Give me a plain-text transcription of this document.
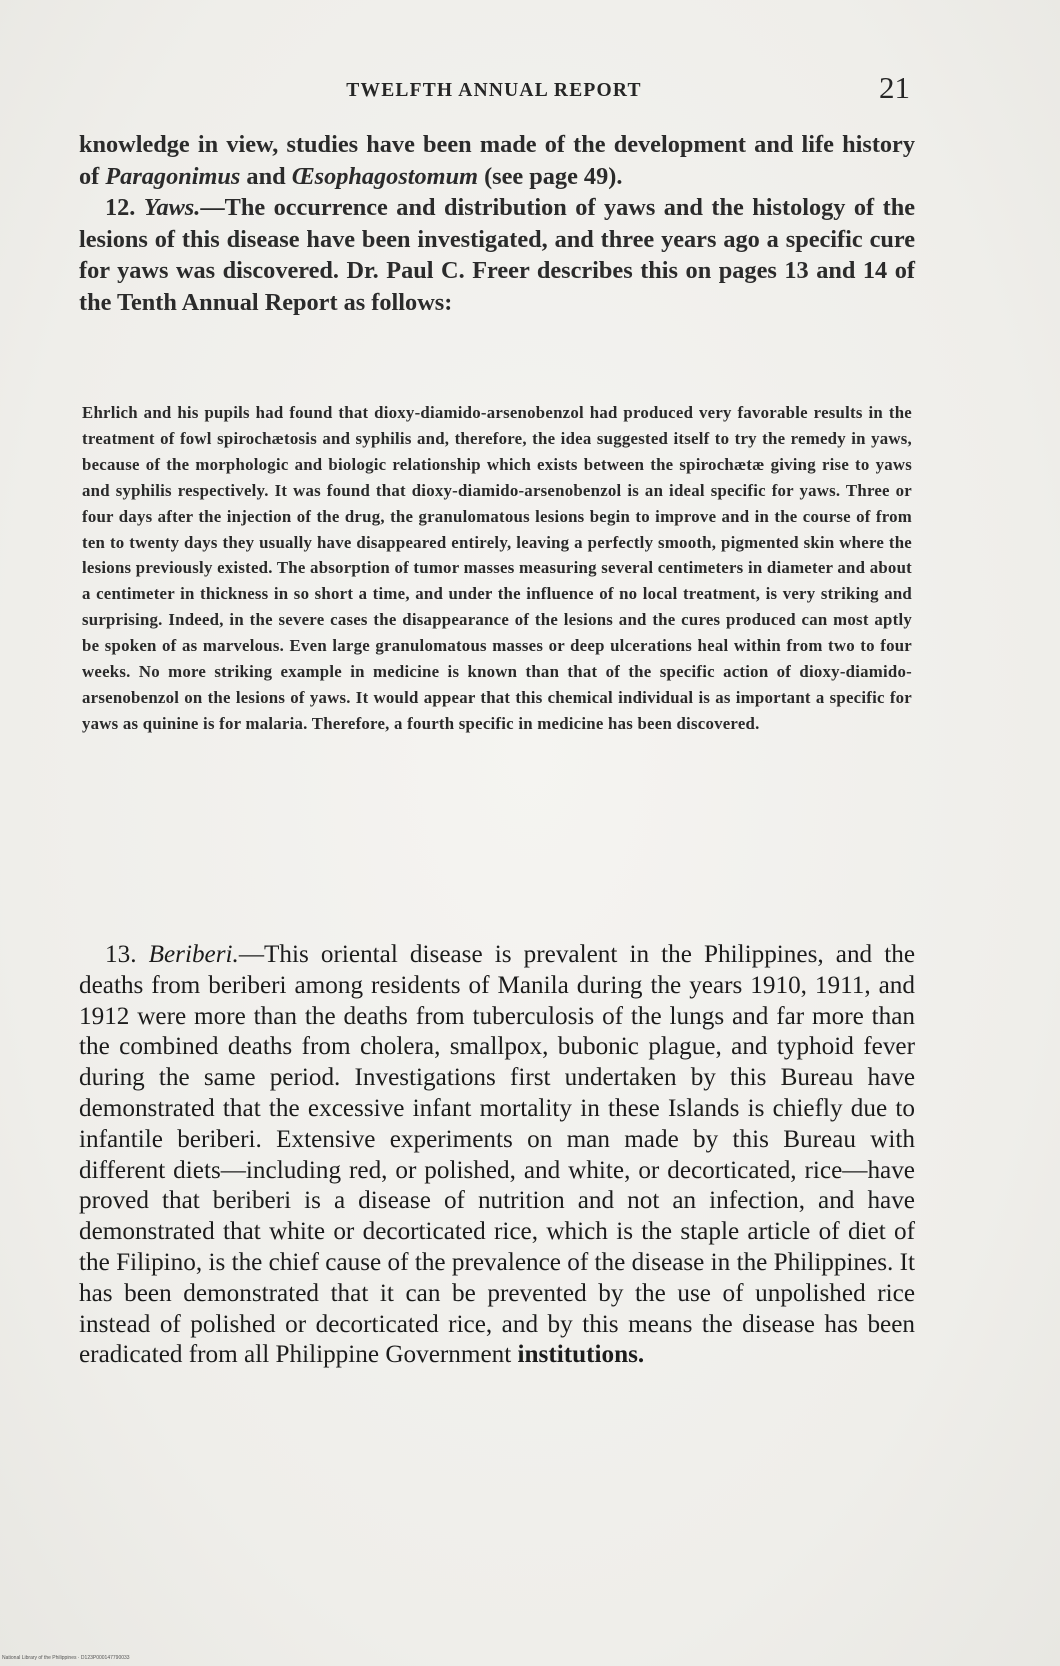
TWELFTH ANNUAL REPORT	21

knowledge in view, studies have been made of the development and life history of Paragonimus and Œsophagostomum (see page 49).

12. Yaws.—The occurrence and distribution of yaws and the histology of the lesions of this disease have been investigated, and three years ago a specific cure for yaws was discovered. Dr. Paul C. Freer describes this on pages 13 and 14 of the Tenth Annual Report as follows:

Ehrlich and his pupils had found that dioxy-diamido-arsenobenzol had produced very favorable results in the treatment of fowl spirochætosis and syphilis and, therefore, the idea suggested itself to try the remedy in yaws, because of the morphologic and biologic relationship which exists between the spirochætæ giving rise to yaws and syphilis respectively. It was found that dioxy-diamido-arsenobenzol is an ideal specific for yaws. Three or four days after the injection of the drug, the granulomatous lesions begin to improve and in the course of from ten to twenty days they usually have disappeared entirely, leaving a perfectly smooth, pigmented skin where the lesions previously existed. The absorption of tumor masses measuring several centimeters in diameter and about a centimeter in thickness in so short a time, and under the influence of no local treatment, is very striking and surprising. Indeed, in the severe cases the disappearance of the lesions and the cures produced can most aptly be spoken of as marvelous. Even large granulomatous masses or deep ulcerations heal within from two to four weeks. No more striking example in medicine is known than that of the specific action of dioxy-diamido-arsenobenzol on the lesions of yaws. It would appear that this chemical individual is as important a specific for yaws as quinine is for malaria. Therefore, a fourth specific in medicine has been discovered.

13. Beriberi.—This oriental disease is prevalent in the Philippines, and the deaths from beriberi among residents of Manila during the years 1910, 1911, and 1912 were more than the deaths from tuberculosis of the lungs and far more than the combined deaths from cholera, smallpox, bubonic plague, and typhoid fever during the same period. Investigations first undertaken by this Bureau have demonstrated that the excessive infant mortality in these Islands is chiefly due to infantile beriberi. Extensive experiments on man made by this Bureau with different diets—including red, or polished, and white, or decorticated, rice—have proved that beriberi is a disease of nutrition and not an infection, and have demonstrated that white or decorticated rice, which is the staple article of diet of the Filipino, is the chief cause of the prevalence of the disease in the Philippines. It has been demonstrated that it can be prevented by the use of unpolished rice instead of polished or decorticated rice, and by this means the disease has been eradicated from all Philippine Government institutions.

National Library of the Philippines · D123P000147790033
